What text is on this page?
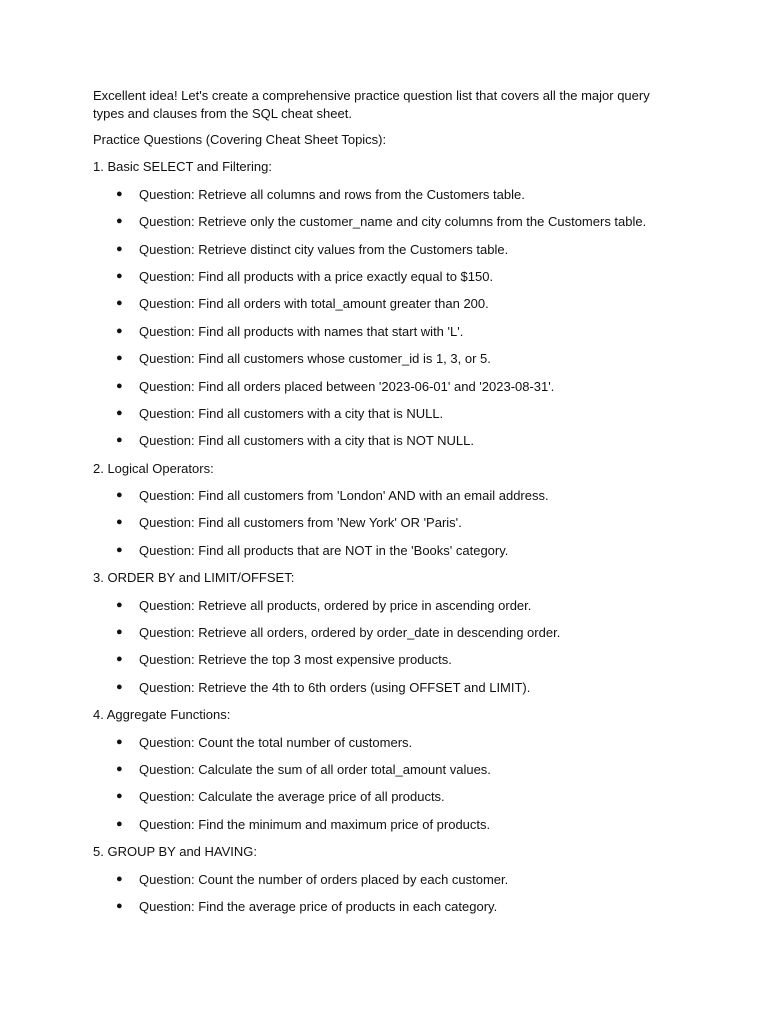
Excellent idea! Let's create a comprehensive practice question list that covers all the major query types and clauses from the SQL cheat sheet.

Practice Questions (Covering Cheat Sheet Topics):

1. Basic SELECT and Filtering:

● Question: Retrieve all columns and rows from the Customers table.
● Question: Retrieve only the customer_name and city columns from the Customers table.
● Question: Retrieve distinct city values from the Customers table.
● Question: Find all products with a price exactly equal to $150.
● Question: Find all orders with total_amount greater than 200.
● Question: Find all products with names that start with 'L'.
● Question: Find all customers whose customer_id is 1, 3, or 5.
● Question: Find all orders placed between '2023-06-01' and '2023-08-31'.
● Question: Find all customers with a city that is NULL.
● Question: Find all customers with a city that is NOT NULL.

2. Logical Operators:

● Question: Find all customers from 'London' AND with an email address.
● Question: Find all customers from 'New York' OR 'Paris'.
● Question: Find all products that are NOT in the 'Books' category.

3. ORDER BY and LIMIT/OFFSET:

● Question: Retrieve all products, ordered by price in ascending order.
● Question: Retrieve all orders, ordered by order_date in descending order.
● Question: Retrieve the top 3 most expensive products.
● Question: Retrieve the 4th to 6th orders (using OFFSET and LIMIT).

4. Aggregate Functions:

● Question: Count the total number of customers.
● Question: Calculate the sum of all order total_amount values.
● Question: Calculate the average price of all products.
● Question: Find the minimum and maximum price of products.

5. GROUP BY and HAVING:

● Question: Count the number of orders placed by each customer.
● Question: Find the average price of products in each category.
